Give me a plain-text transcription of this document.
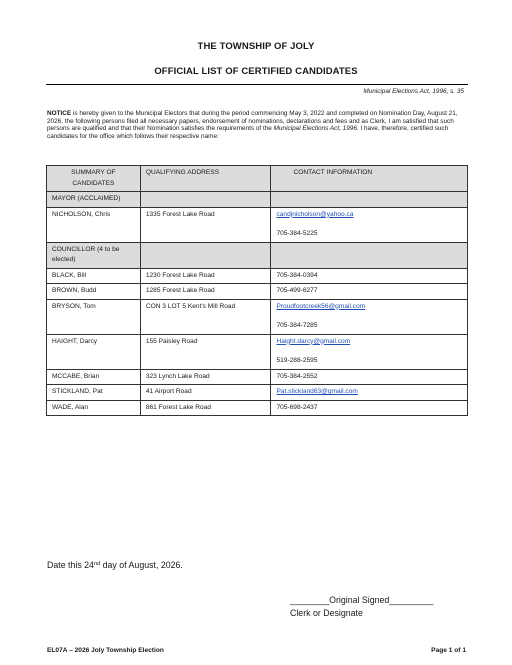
THE TOWNSHIP OF JOLY
OFFICIAL LIST OF CERTIFIED CANDIDATES
Municipal Elections Act, 1996, s. 35
NOTICE is hereby given to the Municipal Electors that during the period commencing May 3, 2022 and completed on Nomination Day, August 21, 2026, the following persons filed all necessary papers, endorsement of nominations, declarations and fees and as Clerk, I am satisfied that such persons are qualified and that their Nomination satisfies the requirements of the Municipal Elections Act, 1996. I have, therefore, certified such candidates for the office which follows their respective name:
SUMMARY OF CANDIDATES	QUALIFYING ADDRESS	CONTACT INFORMATION
MAYOR (ACCLAIMED)		
NICHOLSON, Chris	1335 Forest Lake Road	candjnicholson@yahoo.ca
705-384-5225
COUNCILLOR (4 to be elected)		
BLACK, Bill	1230 Forest Lake Road	705-384-0394
BROWN, Budd	1285 Forest Lake Road	705-499-6277
BRYSON, Tom	CON 3 LOT 5 Kent's Mill Road	Proudfootcreek56@gmail.com
705-384-7285
HAIGHT, Darcy	155 Paisley Road	Haight.darcy@gmail.com
519-288-2595
MCCABE, Brian	323 Lynch Lake Road	705-384-2552
STICKLAND, Pat	41 Airport Road	Pat.stickland63@gmail.com
WADE, Alan	861 Forest Lake Road	705-698-2437
Date this 24nd day of August, 2026.
________Original Signed_________
Clerk or Designate
EL07A – 2026 Joly Township Election	Page 1 of 1
